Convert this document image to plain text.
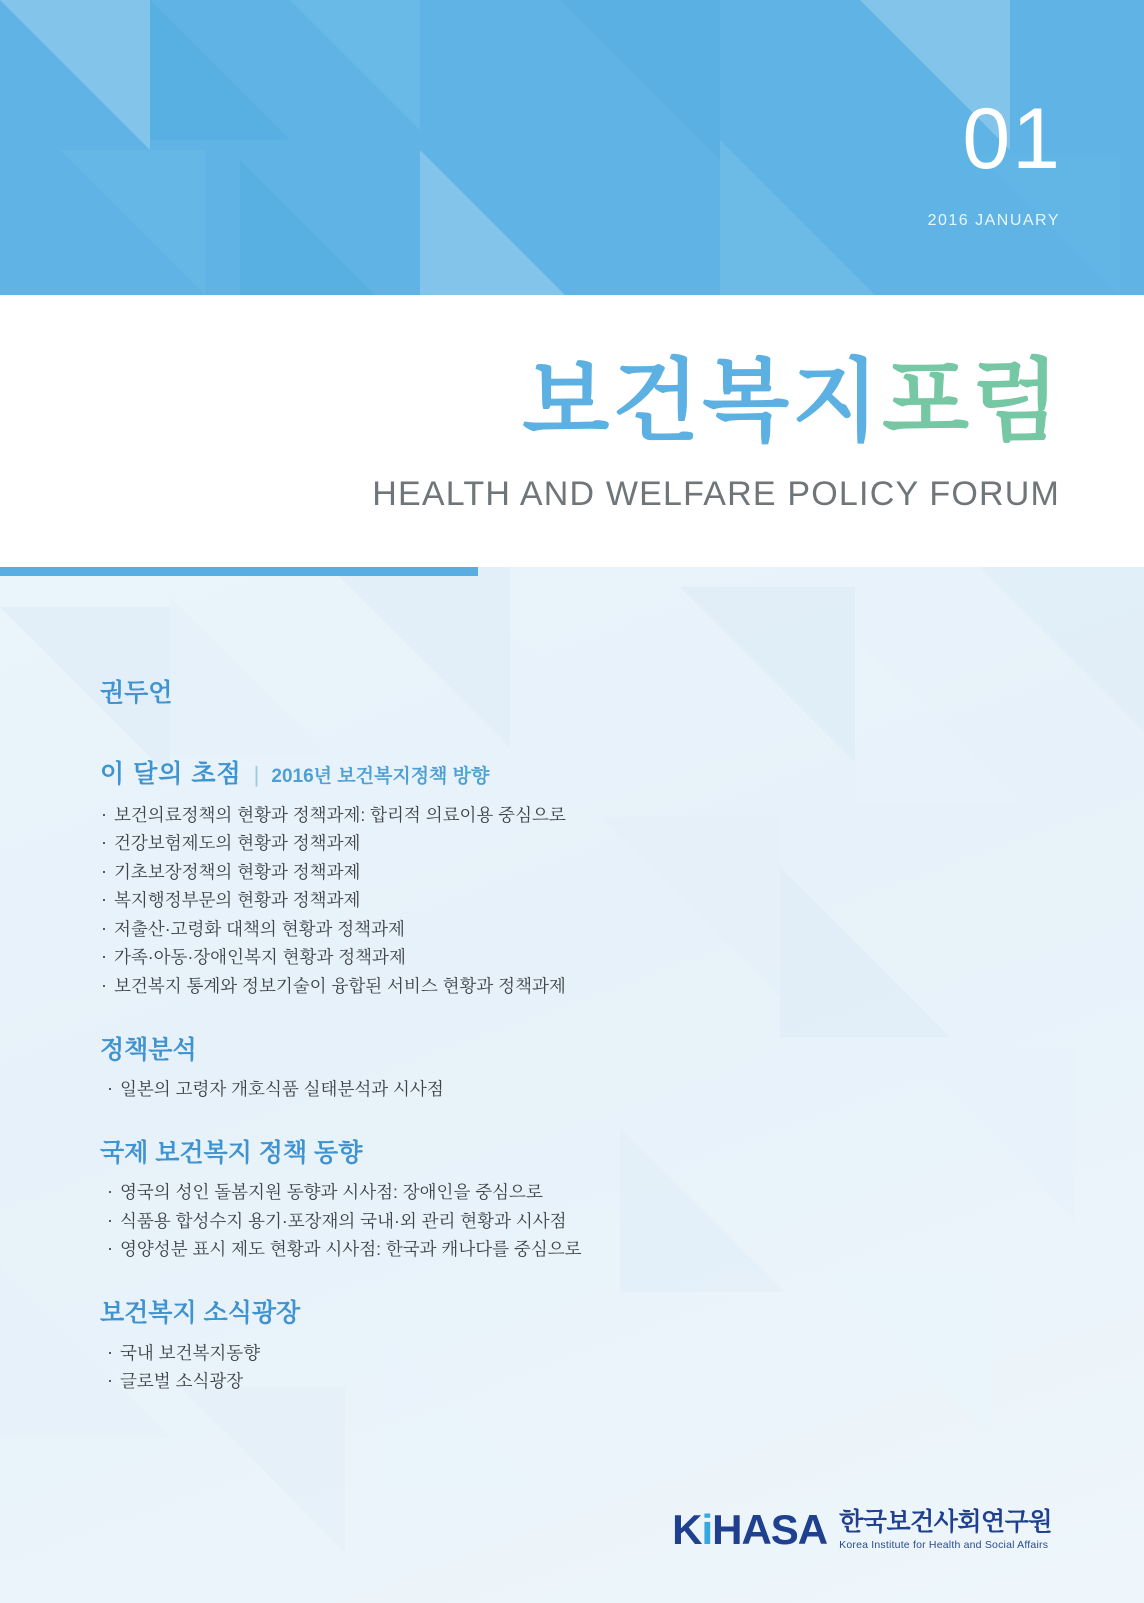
01
2016 JANUARY
보건복지포럼
HEALTH AND WELFARE POLICY FORUM
권두언
이 달의 초점 | 2016년 보건복지정책 방향
· 보건의료정책의 현황과 정책과제: 합리적 의료이용 중심으로
· 건강보험제도의 현황과 정책과제
· 기초보장정책의 현황과 정책과제
· 복지행정부문의 현황과 정책과제
· 저출산·고령화 대책의 현황과 정책과제
· 가족·아동·장애인복지 현황과 정책과제
· 보건복지 통계와 정보기술이 융합된 서비스 현황과 정책과제
정책분석
· 일본의 고령자 개호식품 실태분석과 시사점
국제 보건복지 정책 동향
· 영국의 성인 돌봄지원 동향과 시사점: 장애인을 중심으로
· 식품용 합성수지 용기·포장재의 국내·외 관리 현황과 시사점
· 영양성분 표시 제도 현황과 시사점: 한국과 캐나다를 중심으로
보건복지 소식광장
· 국내 보건복지동향
· 글로벌 소식광장
KiHASA 한국보건사회연구원
Korea Institute for Health and Social Affairs
